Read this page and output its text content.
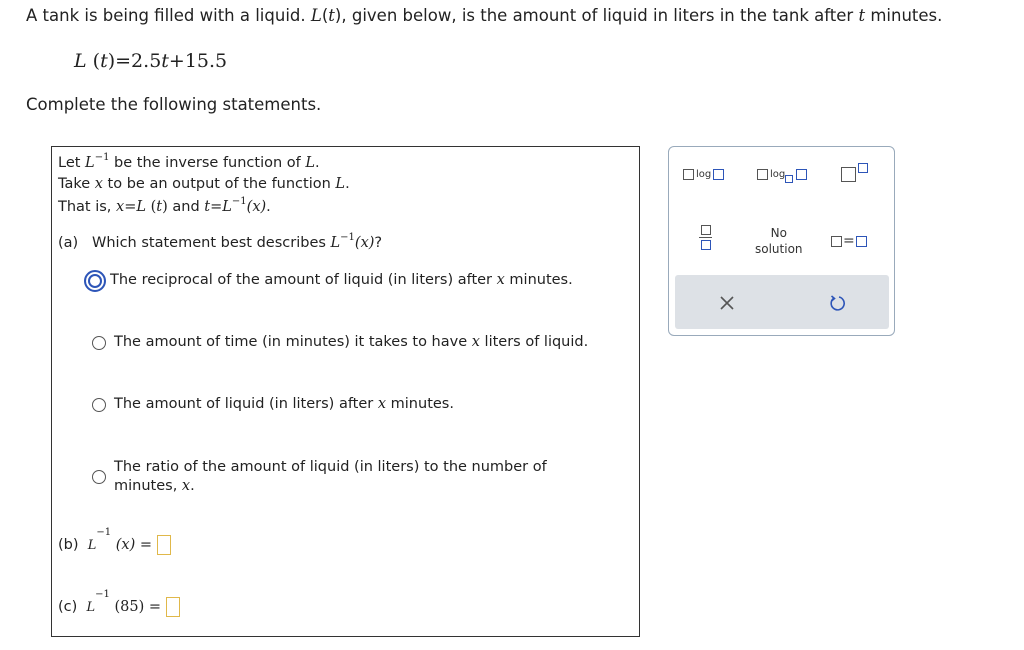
A tank is being filled with a liquid. L(t), given below, is the amount of liquid in liters in the tank after t minutes.
L (t)=2.5t+15.5
Complete the following statements.
Let $L^{-1}$ be the inverse function of L.
Take x to be an output of the function L.
That is, x=L (t) and $t=L^{-1}(x)$.
(a) Which statement best describes $L^{-1}(x)$?
The reciprocal of the amount of liquid (in liters) after x minutes.
The amount of time (in minutes) it takes to have x liters of liquid.
The amount of liquid (in liters) after x minutes.
The ratio of the amount of liquid (in liters) to the number of
minutes, x.
(b) $L^{-1}$ (x) =
(c) $L^{-1}$ (85) =
log	log
No
solution	=
